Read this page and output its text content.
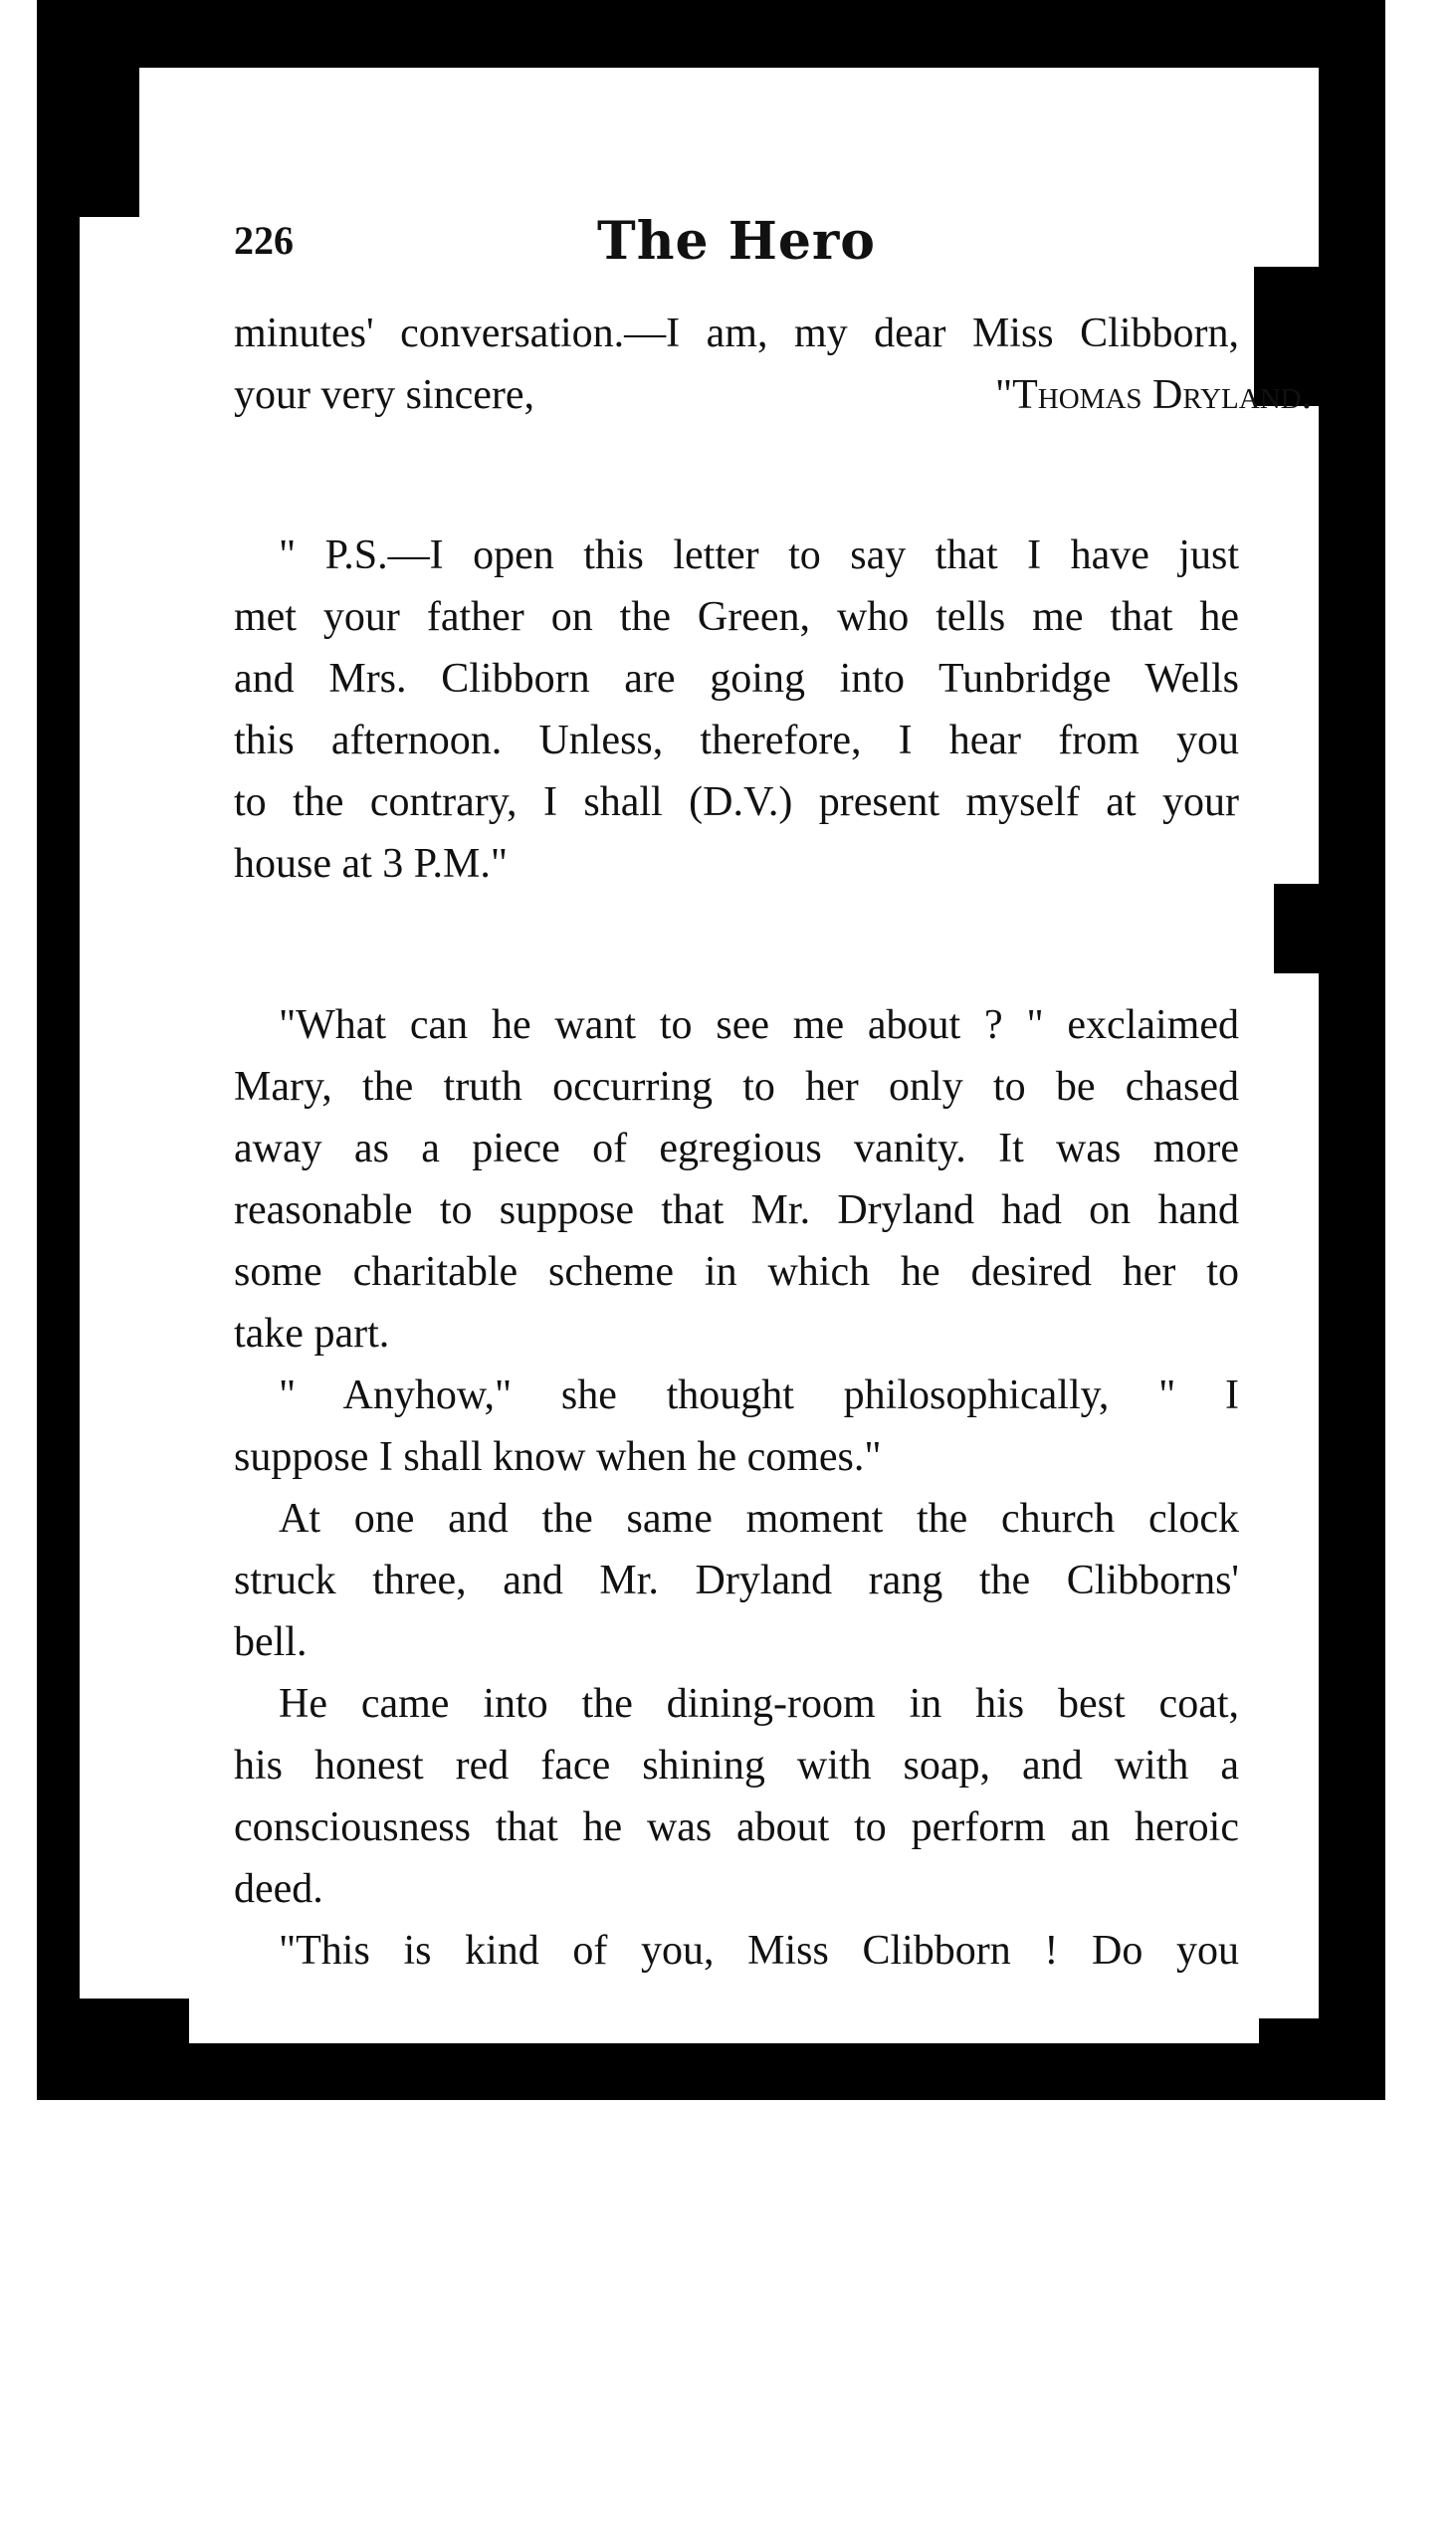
226	The Hero
minutes' conversation.—I am, my dear Miss Clibborn,
your very sincere,	"Thomas Dryland.
" P.S.—I open this letter to say that I have just
met your father on the Green, who tells me that he
and Mrs. Clibborn are going into Tunbridge Wells
this afternoon. Unless, therefore, I hear from you
to the contrary, I shall (D.V.) present myself at your
house at 3 P.M."
"What can he want to see me about ? " exclaimed
Mary, the truth occurring to her only to be chased
away as a piece of egregious vanity. It was more
reasonable to suppose that Mr. Dryland had on hand
some charitable scheme in which he desired her to
take part.
" Anyhow," she thought philosophically, " I
suppose I shall know when he comes."
At one and the same moment the church clock
struck three, and Mr. Dryland rang the Clibborns'
bell.
He came into the dining-room in his best coat,
his honest red face shining with soap, and with a
consciousness that he was about to perform an heroic
deed.
"This is kind of you, Miss Clibborn ! Do you
